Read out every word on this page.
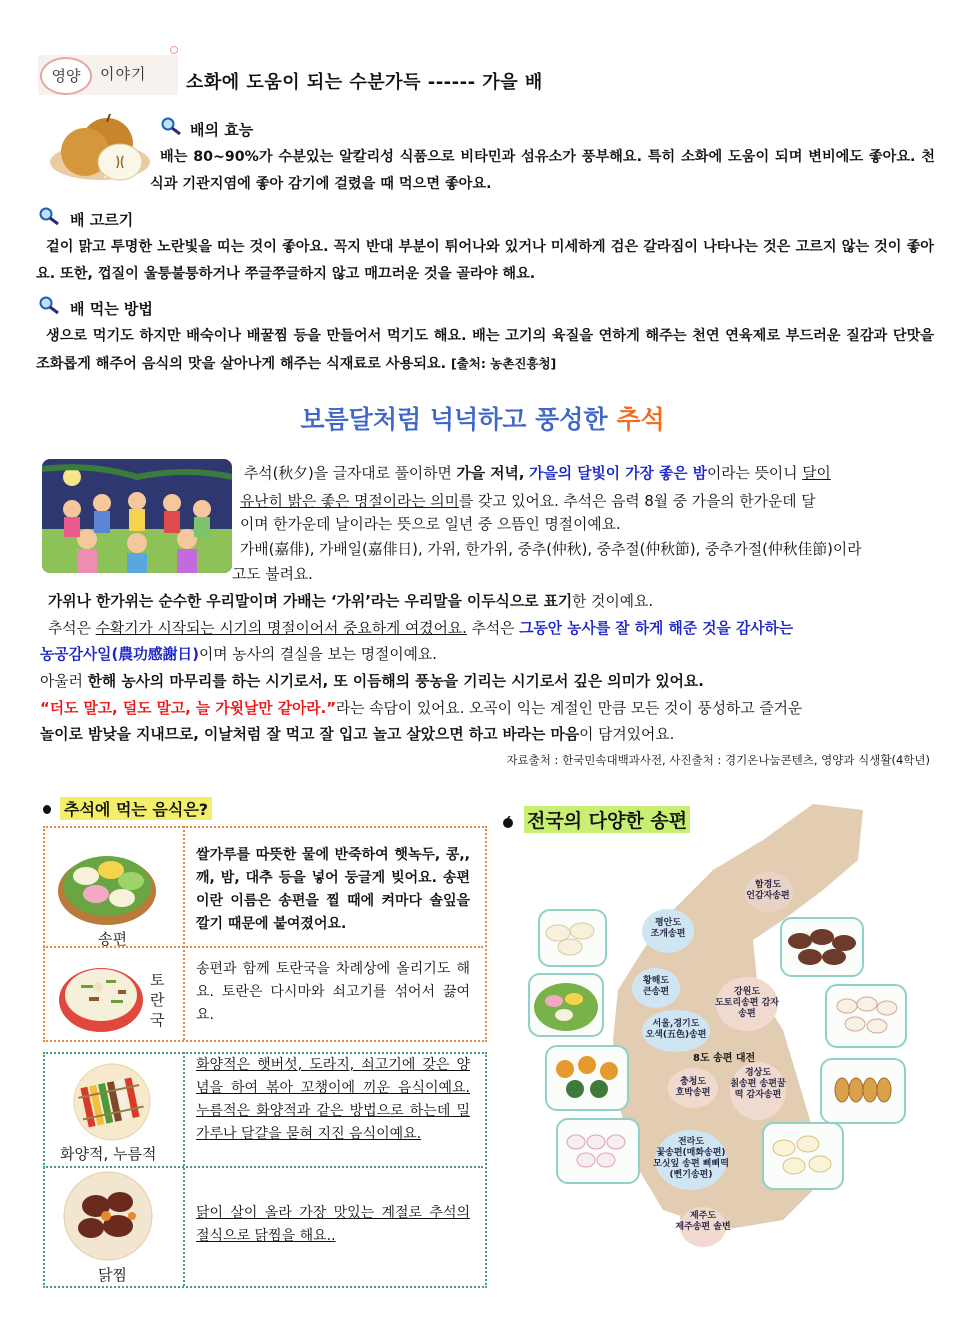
영양	이야기 소화에 도움이 되는 수분가득 ------ 가을 배
배의 효능
배는 80~90%가 수분있는 알칼리성 식품으로 비타민과 섬유소가 풍부해요. 특히 소화에 도움이 되며 변비에도 좋아요. 천식과 기관지염에 좋아 감기에 걸렸을 때 먹으면 좋아요.
배 고르기
겉이 맑고 투명한 노란빛을 띠는 것이 좋아요. 꼭지 반대 부분이 튀어나와 있거나 미세하게 검은 갈라짐이 나타나는 것은 고르지 않는 것이 좋아요. 또한, 껍질이 울퉁불퉁하거나 쭈글쭈글하지 않고 매끄러운 것을 골라야 해요.
배 먹는 방법
생으로 먹기도 하지만 배숙이나 배꿀찜 등을 만들어서 먹기도 해요. 배는 고기의 육질을 연하게 해주는 천연 연육제로 부드러운 질감과 단맛을 조화롭게 해주어 음식의 맛을 살아나게 해주는 식재료로 사용되요. [출처: 농촌진흥청]
보름달처럼 넉넉하고 풍성한 추석
추석(秋夕)을 글자대로 풀이하면 가을 저녁, 가을의 달빛이 가장 좋은 밤이라는 뜻이니 달이
유난히 밝은 좋은 명절이라는 의미를 갖고 있어요. 추석은 음력 8월 중 가을의 한가운데 달
이며 한가운데 날이라는 뜻으로 일년 중 으뜸인 명절이예요.
가배(嘉俳), 가배일(嘉俳日), 가위, 한가위, 중추(仲秋), 중추절(仲秋節), 중추가절(仲秋佳節)이라
고도 불려요.
가위나 한가위는 순수한 우리말이며 가배는 ‘가위’라는 우리말을 이두식으로 표기한 것이예요.
추석은 수확기가 시작되는 시기의 명절이어서 중요하게 여겼어요. 추석은 그동안 농사를 잘 하게 해준 것을 감사하는
농공감사일(農功感謝日)이며 농사의 결실을 보는 명절이예요.
아울러 한해 농사의 마무리를 하는 시기로서, 또 이듬해의 풍농을 기리는 시기로서 깊은 의미가 있어요.
“더도 말고, 덜도 말고, 늘 가윗날만 같아라.”라는 속담이 있어요. 오곡이 익는 계절인 만큼 모든 것이 풍성하고 즐거운
놀이로 밤낮을 지내므로, 이날처럼 잘 먹고 잘 입고 놀고 살았으면 하고 바라는 마음이 담겨있어요.
자료출처 : 한국민속대백과사전, 사진출처 : 경기온나눔콘텐츠, 영양과 식생활(4학년)
추석에 먹는 음식은?
송편
쌀가루를 따뜻한 물에 반죽하여 햇녹두, 콩,, 깨, 밤, 대추 등을 넣어 둥글게 빚어요. 송편이란 이름은 송편을 찔 때에 켜마다 솔잎을 깔기 때문에 붙여졌어요.
토란국
송편과 함께 토란국을 차례상에 올리기도 해요. 토란은 다시마와 쇠고기를 섞어서 끓여요.
화양적, 누름적
화양적은 햇버섯, 도라지, 쇠고기에 갖은 양념을 하여 볶아 꼬챙이에 끼운 음식이예요. 누름적은 화양적과 같은 방법으로 하는데 밀가루나 달걀을 묻혀 지진 음식이예요.
닭찜
닭이 살이 올라 가장 맛있는 계절로 추석의 절식으로 닭찜을 해요..
전국의 다양한 송편
함경도
언감자송편
평안도
조개송편
황해도
큰송편	강원도
도토리송편 감자송편
서울,경기도
오색(五色)송편
8도 송편 대전
충청도
호박송편
경상도
칡송편 송편꿀떡 감자송편
전라도
꽃송편(매화송편) 모싯잎 송편 삐삐떡(삔기송편)
제주도
제주송편 솔변
